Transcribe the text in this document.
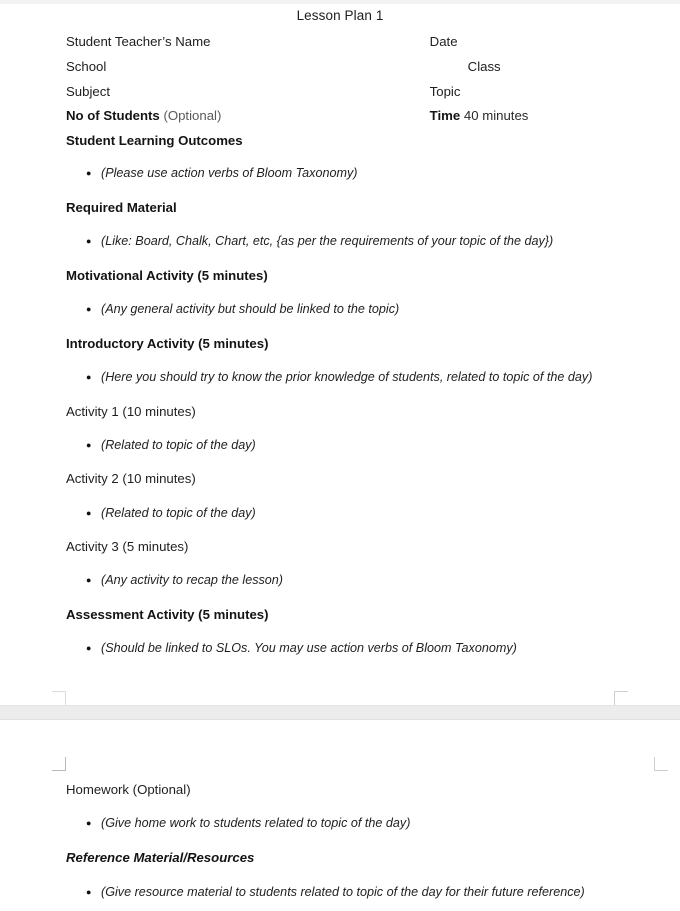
Lesson Plan 1
Student Teacher’s Name	Date
School	Class
Subject	Topic
No of Students (Optional)	Time 40 minutes
Student Learning Outcomes
● (Please use action verbs of Bloom Taxonomy)
Required Material
● (Like: Board, Chalk, Chart, etc, {as per the requirements of your topic of the day})
Motivational Activity (5 minutes)
● (Any general activity but should be linked to the topic)
Introductory Activity (5 minutes)
● (Here you should try to know the prior knowledge of students, related to topic of the day)
Activity 1 (10 minutes)
● (Related to topic of the day)
Activity 2 (10 minutes)
● (Related to topic of the day)
Activity 3 (5 minutes)
● (Any activity to recap the lesson)
Assessment Activity (5 minutes)
● (Should be linked to SLOs. You may use action verbs of Bloom Taxonomy)
Homework (Optional)
● (Give home work to students related to topic of the day)
Reference Material/Resources
● (Give resource material to students related to topic of the day for their future reference)
